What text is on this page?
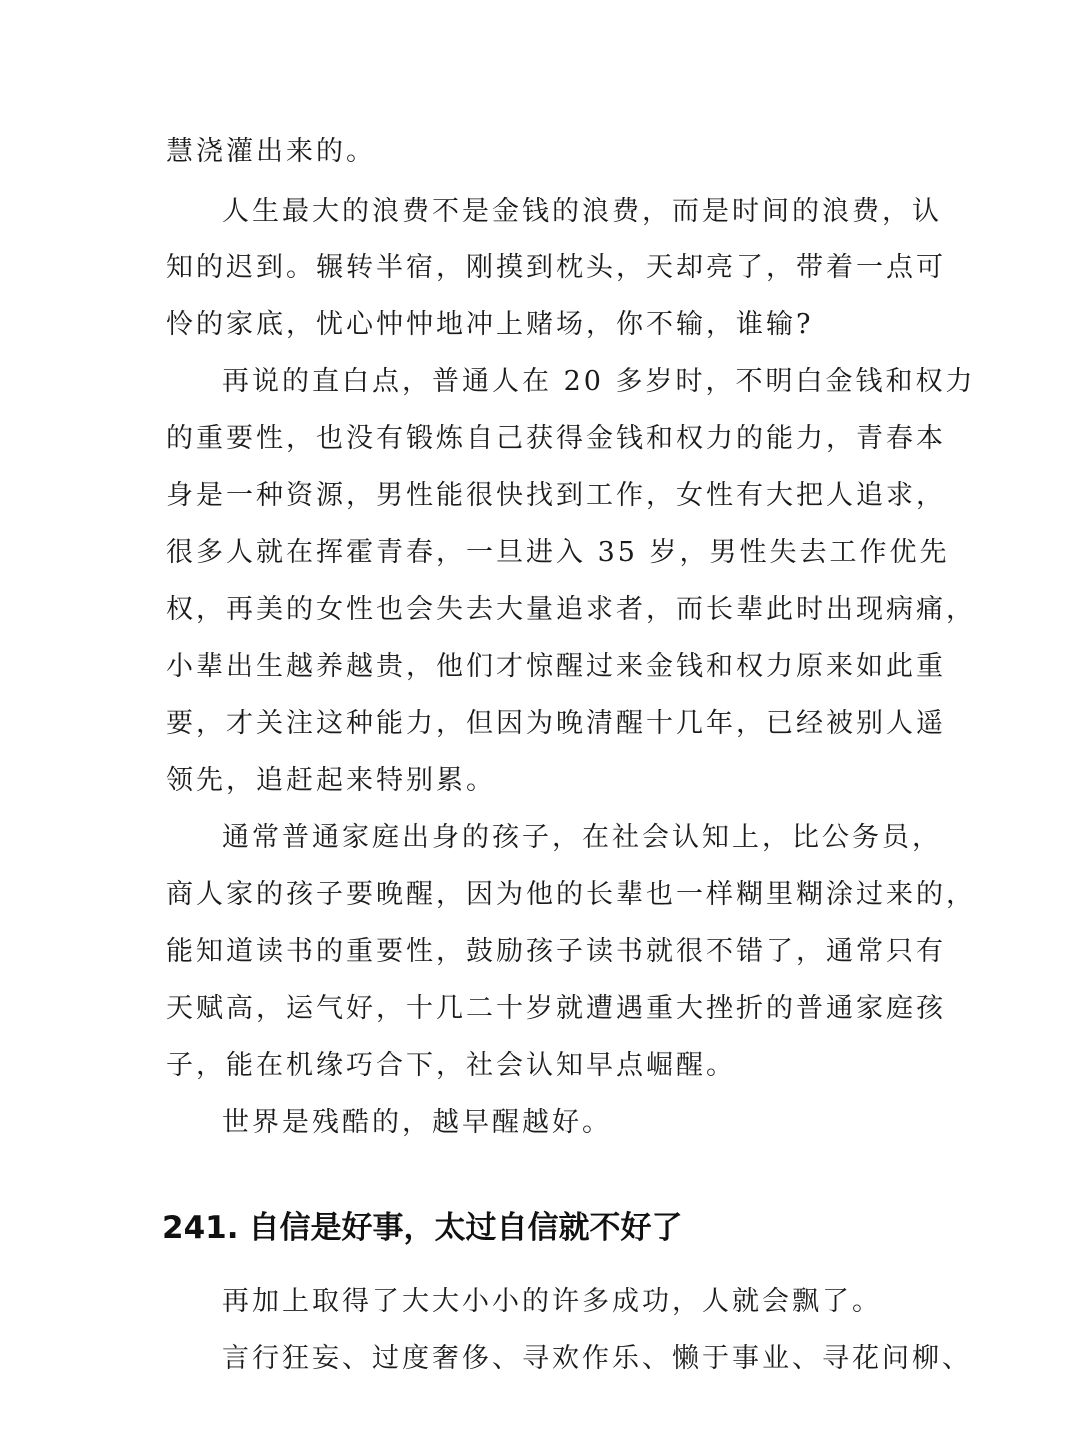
慧浇灌出来的。

人生最大的浪费不是金钱的浪费，而是时间的浪费，认

知的迟到。辗转半宿，刚摸到枕头，天却亮了，带着一点可

怜的家底，忧心忡忡地冲上赌场，你不输，谁输?

再说的直白点，普通人在 20 多岁时，不明白金钱和权力

的重要性，也没有锻炼自己获得金钱和权力的能力，青春本

身是一种资源，男性能很快找到工作，女性有大把人追求，

很多人就在挥霍青春，一旦进入 35 岁，男性失去工作优先

权，再美的女性也会失去大量追求者，而长辈此时出现病痛，

小辈出生越养越贵，他们才惊醒过来金钱和权力原来如此重

要，才关注这种能力，但因为晚清醒十几年，已经被别人遥

领先，追赶起来特别累。

通常普通家庭出身的孩子，在社会认知上，比公务员，

商人家的孩子要晚醒，因为他的长辈也一样糊里糊涂过来的，

能知道读书的重要性，鼓励孩子读书就很不错了，通常只有

天赋高，运气好，十几二十岁就遭遇重大挫折的普通家庭孩

子，能在机缘巧合下，社会认知早点崛醒。

世界是残酷的，越早醒越好。

241. 自信是好事，太过自信就不好了

再加上取得了大大小小的许多成功，人就会飘了。

言行狂妄、过度奢侈、寻欢作乐、懒于事业、寻花问柳、
